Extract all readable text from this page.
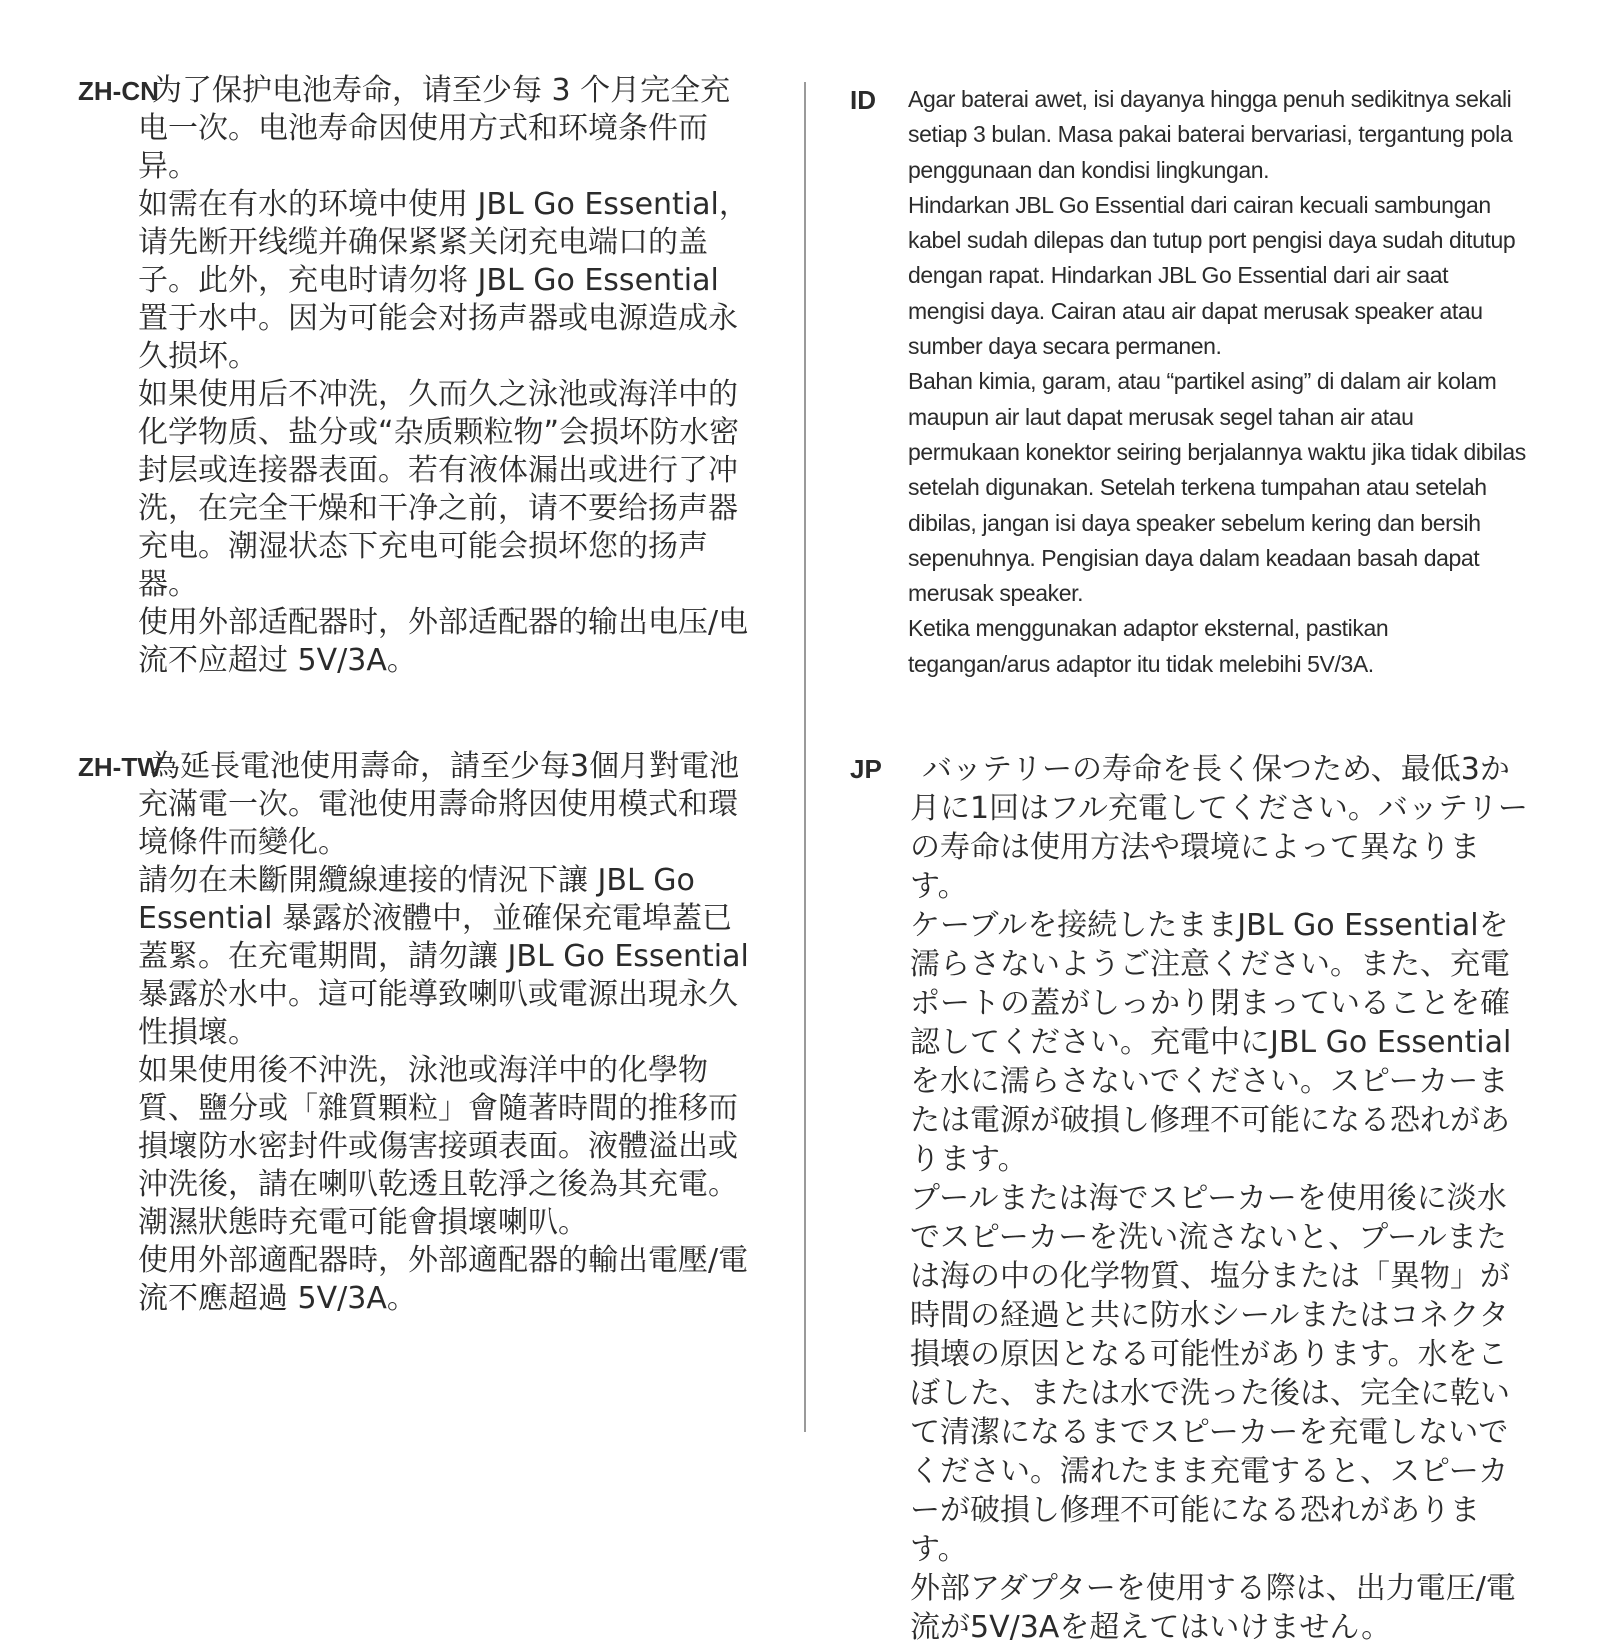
ZH-CN

为了保护电池寿命，请至少每 3 个月完全充电一次。电池寿命因使用方式和环境条件而异。

如需在有水的环境中使用 JBL Go Essential，请先断开线缆并确保紧紧关闭充电端口的盖子。此外，充电时请勿将 JBL Go Essential 置于水中。因为可能会对扬声器或电源造成永久损坏。

如果使用后不冲洗，久而久之泳池或海洋中的化学物质、盐分或“杂质颗粒物”会损坏防水密封层或连接器表面。若有液体漏出或进行了冲洗，在完全干燥和干净之前，请不要给扬声器充电。潮湿状态下充电可能会损坏您的扬声器。

使用外部适配器时，外部适配器的输出电压/电流不应超过 5V/3A。

ZH-TW

為延長電池使用壽命，請至少每3個月對電池充滿電一次。電池使用壽命將因使用模式和環境條件而變化。

請勿在未斷開纜線連接的情況下讓 JBL Go Essential 暴露於液體中，並確保充電埠蓋已蓋緊。在充電期間，請勿讓 JBL Go Essential 暴露於水中。這可能導致喇叭或電源出現永久性損壞。

如果使用後不沖洗，泳池或海洋中的化學物質、鹽分或「雜質顆粒」會隨著時間的推移而損壞防水密封件或傷害接頭表面。液體溢出或沖洗後，請在喇叭乾透且乾淨之後為其充電。潮濕狀態時充電可能會損壞喇叭。

使用外部適配器時，外部適配器的輸出電壓/電流不應超過 5V/3A。

ID Agar baterai awet, isi dayanya hingga penuh sedikitnya sekali setiap 3 bulan. Masa pakai baterai bervariasi, tergantung pola penggunaan dan kondisi lingkungan.

Hindarkan JBL Go Essential dari cairan kecuali sambungan kabel sudah dilepas dan tutup port pengisi daya sudah ditutup dengan rapat. Hindarkan JBL Go Essential dari air saat mengisi daya. Cairan atau air dapat merusak speaker atau sumber daya secara permanen.

Bahan kimia, garam, atau “partikel asing” di dalam air kolam maupun air laut dapat merusak segel tahan air atau permukaan konektor seiring berjalannya waktu jika tidak dibilas setelah digunakan. Setelah terkena tumpahan atau setelah dibilas, jangan isi daya speaker sebelum kering dan bersih sepenuhnya. Pengisian daya dalam keadaan basah dapat merusak speaker.

Ketika menggunakan adaptor eksternal, pastikan tegangan/arus adaptor itu tidak melebihi 5V/3A.

JP	バッテリーの寿命を長く保つため、最低3か月に1回はフル充電してください。バッテリーの寿命は使用方法や環境によって異なります。

ケーブルを接続したままJBL Go Essentialを濡らさないようご注意ください。また、充電ポートの蓋がしっかり閉まっていることを確認してください。充電中にJBL Go Essentialを水に濡らさないでください。スピーカーまたは電源が破損し修理不可能になる恐れがあります。

プールまたは海でスピーカーを使用後に淡水でスピーカーを洗い流さないと、プールまたは海の中の化学物質、塩分または「異物」が時間の経過と共に防水シールまたはコネクタ損壊の原因となる可能性があります。水をこぼした、または水で洗った後は、完全に乾いて清潔になるまでスピーカーを充電しないでください。濡れたまま充電すると、スピーカーが破損し修理不可能になる恐れがあります。

外部アダプターを使用する際は、出力電圧/電流が5V/3Aを超えてはいけません。
